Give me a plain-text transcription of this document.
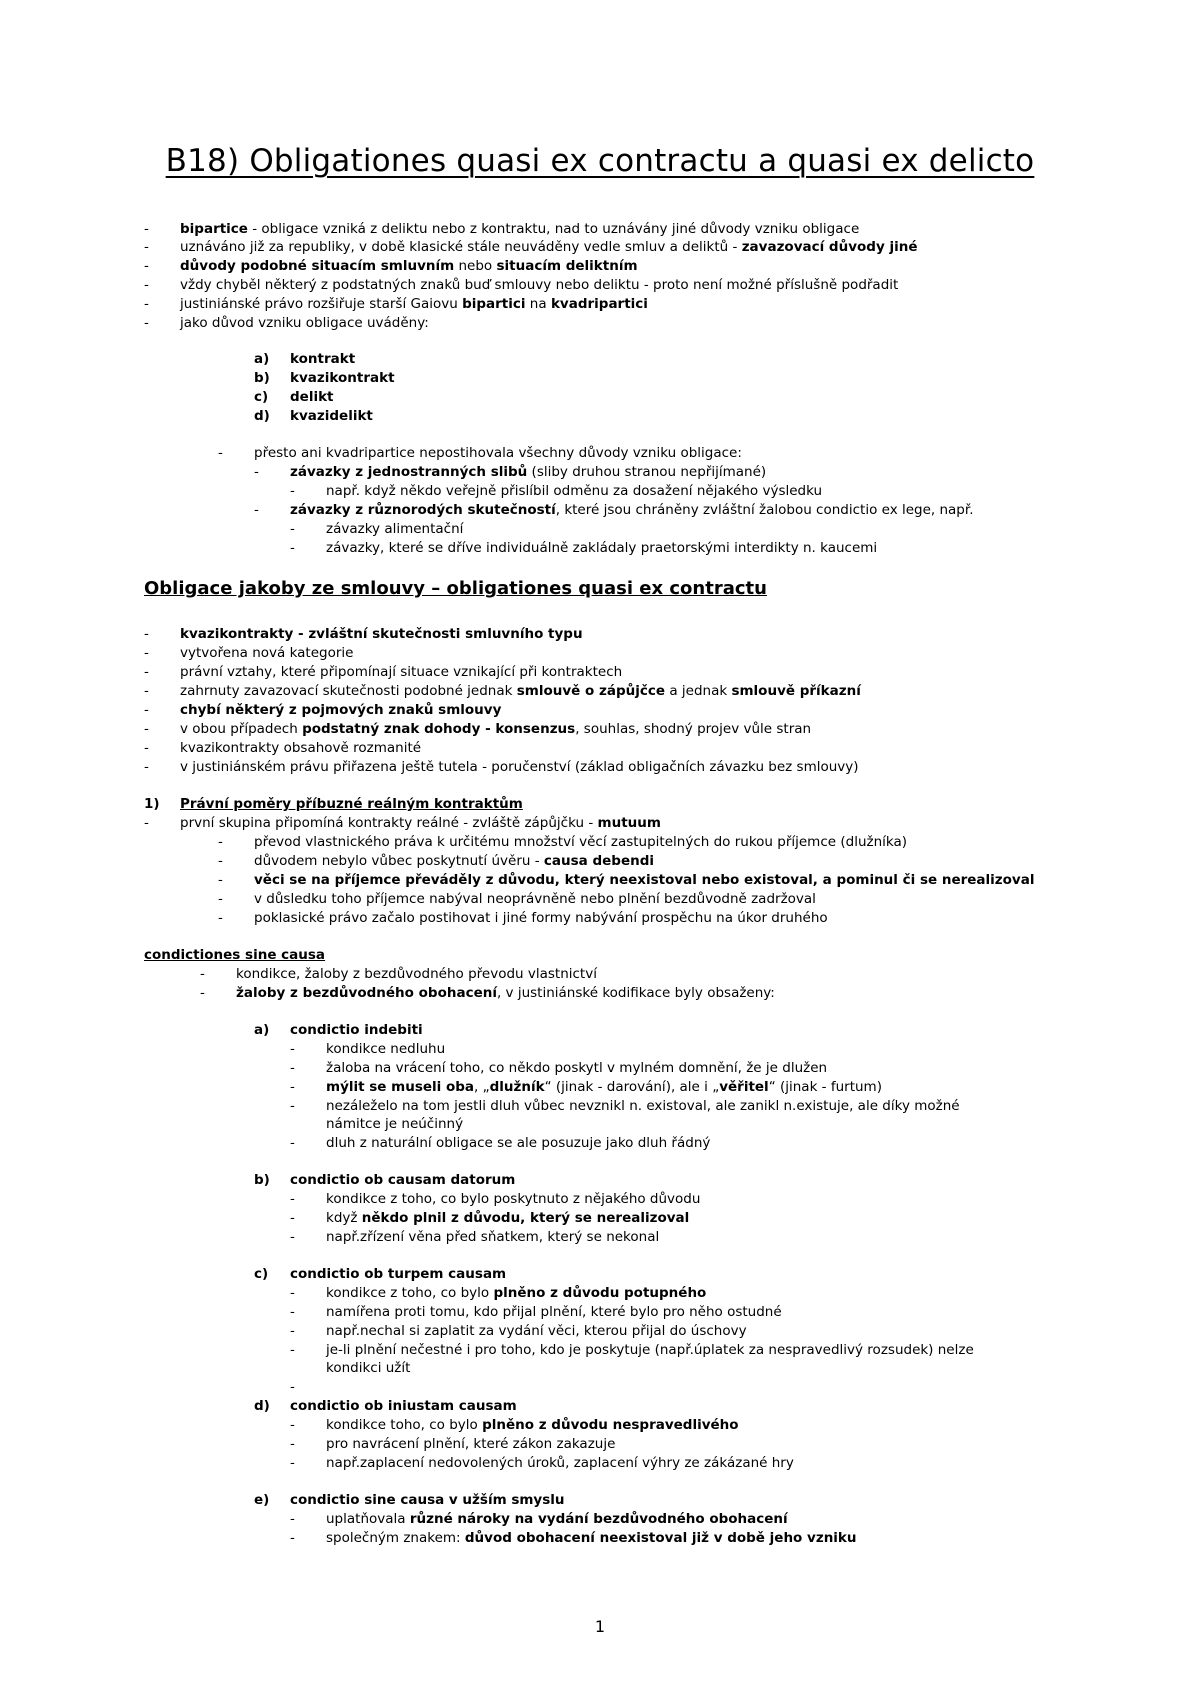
B18) Obligationes quasi ex contractu a quasi ex delicto
Obligace jakoby ze smlouvy – obligationes quasi ex contractu
-	bipartice - obligace vzniká z deliktu nebo z kontraktu, nad to uznávány jiné důvody vzniku obligace
-	uznáváno již za republiky, v době klasické stále neuváděny vedle smluv a deliktů - zavazovací důvody jiné
-	důvody podobné situacím smluvním nebo situacím deliktním
-	vždy chyběl některý z podstatných znaků buď smlouvy nebo deliktu - proto není možné příslušně podřadit
-	justiniánské právo rozšiřuje starší Gaiovu bipartici na kvadripartici
-	jako důvod vzniku obligace uváděny:
a) kontrakt
b) kvazikontrakt
c) delikt
d) kvazidelikt
-	přesto ani kvadripartice nepostihovala všechny důvody vzniku obligace:
-	závazky z jednostranných slibů (sliby druhou stranou nepřijímané)
-	např. když někdo veřejně přislíbil odměnu za dosažení nějakého výsledku
-	závazky z různorodých skutečností, které jsou chráněny zvláštní žalobou condictio ex lege, např.
-	závazky alimentační
-	závazky, které se dříve individuálně zakládaly praetorskými interdikty n. kaucemi
-	kvazikontrakty - zvláštní skutečnosti smluvního typu
-	vytvořena nová kategorie
-	právní vztahy, které připomínají situace vznikající při kontraktech
-	zahrnuty zavazovací skutečnosti podobné jednak smlouvě o zápůjčce a jednak smlouvě příkazní
-	chybí některý z pojmových znaků smlouvy
-	v obou případech podstatný znak dohody - konsenzus, souhlas, shodný projev vůle stran
-	kvazikontrakty obsahově rozmanité
-	v justiniánském právu přiřazena ještě tutela - poručenství (základ obligačních závazku bez smlouvy)
1) Právní poměry příbuzné reálným kontraktům
-	první skupina připomíná kontrakty reálné - zvláště zápůjčku - mutuum
-	převod vlastnického práva k určitému množství věcí zastupitelných do rukou příjemce (dlužníka)
-	důvodem nebylo vůbec poskytnutí úvěru - causa debendi
-	věci se na příjemce převáděly z důvodu, který neexistoval nebo existoval, a pominul či se nerealizoval
-	v důsledku toho příjemce nabýval neoprávněně nebo plnění bezdůvodně zadržoval
-	poklasické právo začalo postihovat i jiné formy nabývání prospěchu na úkor druhého
condictiones sine causa
-	kondikce, žaloby z bezdůvodného převodu vlastnictví
-	žaloby z bezdůvodného obohacení, v justiniánské kodifikace byly obsaženy:
a) condictio indebiti
-	kondikce nedluhu
-	žaloba na vrácení toho, co někdo poskytl v mylném domnění, že je dlužen
-	mýlit se museli oba, „dlužník“ (jinak - darování), ale i „věřitel“ (jinak - furtum)
-	nezáleželo na tom jestli dluh vůbec nevznikl n. existoval, ale zanikl n.existuje, ale díky možné
námitce je neúčinný
-	dluh z naturální obligace se ale posuzuje jako dluh řádný
b) condictio ob causam datorum
-	kondikce z toho, co bylo poskytnuto z nějakého důvodu
-	když někdo plnil z důvodu, který se nerealizoval
-	např.zřízení věna před sňatkem, který se nekonal
c) condictio ob turpem causam
-	kondikce z toho, co bylo plněno z důvodu potupného
-	namířena proti tomu, kdo přijal plnění, které bylo pro něho ostudné
-	např.nechal si zaplatit za vydání věci, kterou přijal do úschovy
-	je-li plnění nečestné i pro toho, kdo je poskytuje (např.úplatek za nespravedlivý rozsudek) nelze
kondikci užít
-
d) condictio ob iniustam causam
-	kondikce toho, co bylo plněno z důvodu nespravedlivého
-	pro navrácení plnění, které zákon zakazuje
-	např.zaplacení nedovolených úroků, zaplacení výhry ze zákázané hry
e) condictio sine causa v užším smyslu
-	uplatňovala různé nároky na vydání bezdůvodného obohacení
-	společným znakem: důvod obohacení neexistoval již v době jeho vzniku
1
